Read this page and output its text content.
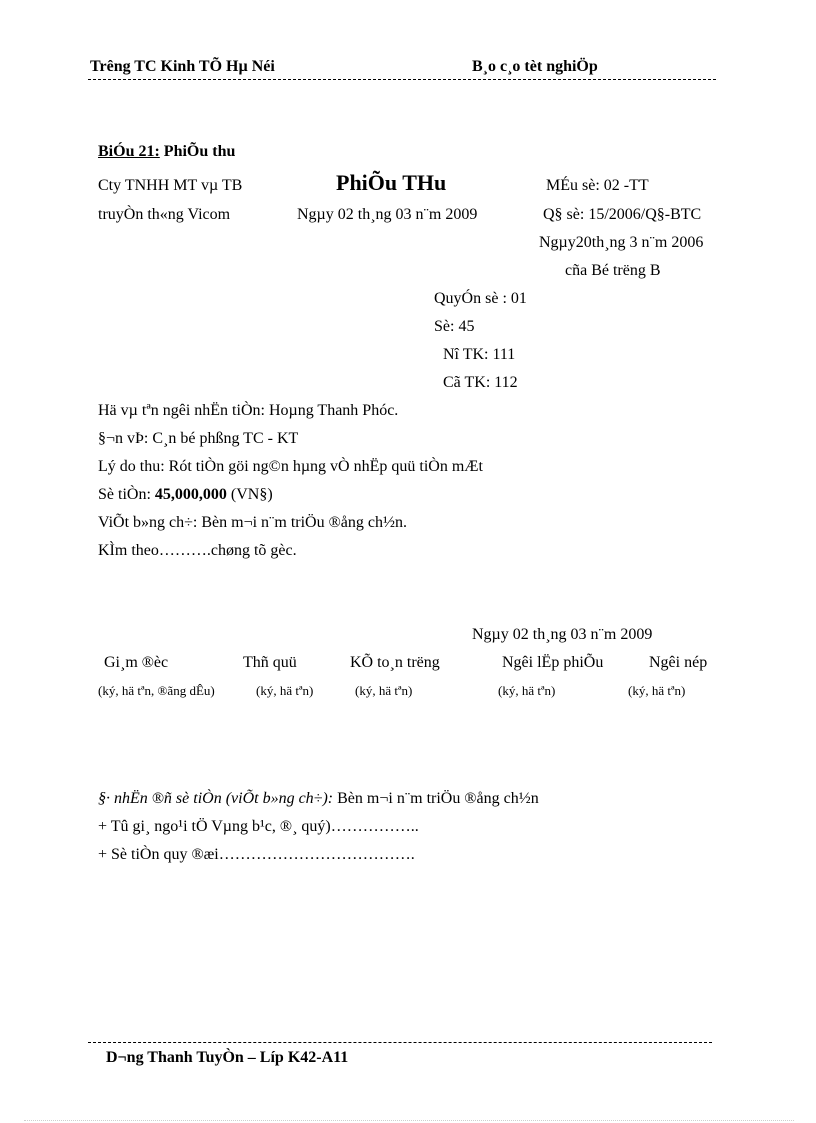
Trêng TC Kinh TÕ Hµ Néi	B¸o c¸o tèt nghiÖp
BiÓu 21: PhiÕu thu
Cty TNHH MT vµ TB	PhiÕu THu	MÉu sè: 02 -TT
truyÒn th«ng Vicom	Ngµy 02 th¸ng 03 n¨m 2009	Q§ sè: 15/2006/Q§-BTC
Ngµy20th¸ng 3 n¨m 2006
cña Bé trëng B
QuyÓn sè : 01
Sè: 45
Nî TK: 111
Cã TK: 112
Hä vµ tªn ngêi nhËn tiÒn: Hoµng Thanh Phóc.
§¬n vÞ: C¸n bé phßng TC - KT
Lý do thu: Rót tiÒn göi ng©n hµng vÒ nhËp quü tiÒn mÆt
Sè tiÒn: 45,000,000 (VN§)
ViÕt b»ng ch÷: Bèn m¬i n¨m triÖu ®ång ch½n.
KÌm theo……….chøng tõ gèc.
Ngµy 02 th¸ng 03 n¨m 2009
Gi¸m ®èc	Thñ quü	KÕ to¸n trëng	Ngêi lËp phiÕu	Ngêi nép
(ký, hä tªn, ®ãng dÊu)	(ký, hä tªn)	(ký, hä tªn)	(ký, hä tªn)	(ký, hä tªn)
§· nhËn ®ñ sè tiÒn (viÕt b»ng ch÷): Bèn m¬i n¨m triÖu ®ång ch½n
+ Tû gi¸ ngo¹i tÖ Vµng b¹c, ®¸ quý)……………..
+ Sè tiÒn quy ®æi……………………………….
D¬ng Thanh TuyÒn – Líp K42-A11
